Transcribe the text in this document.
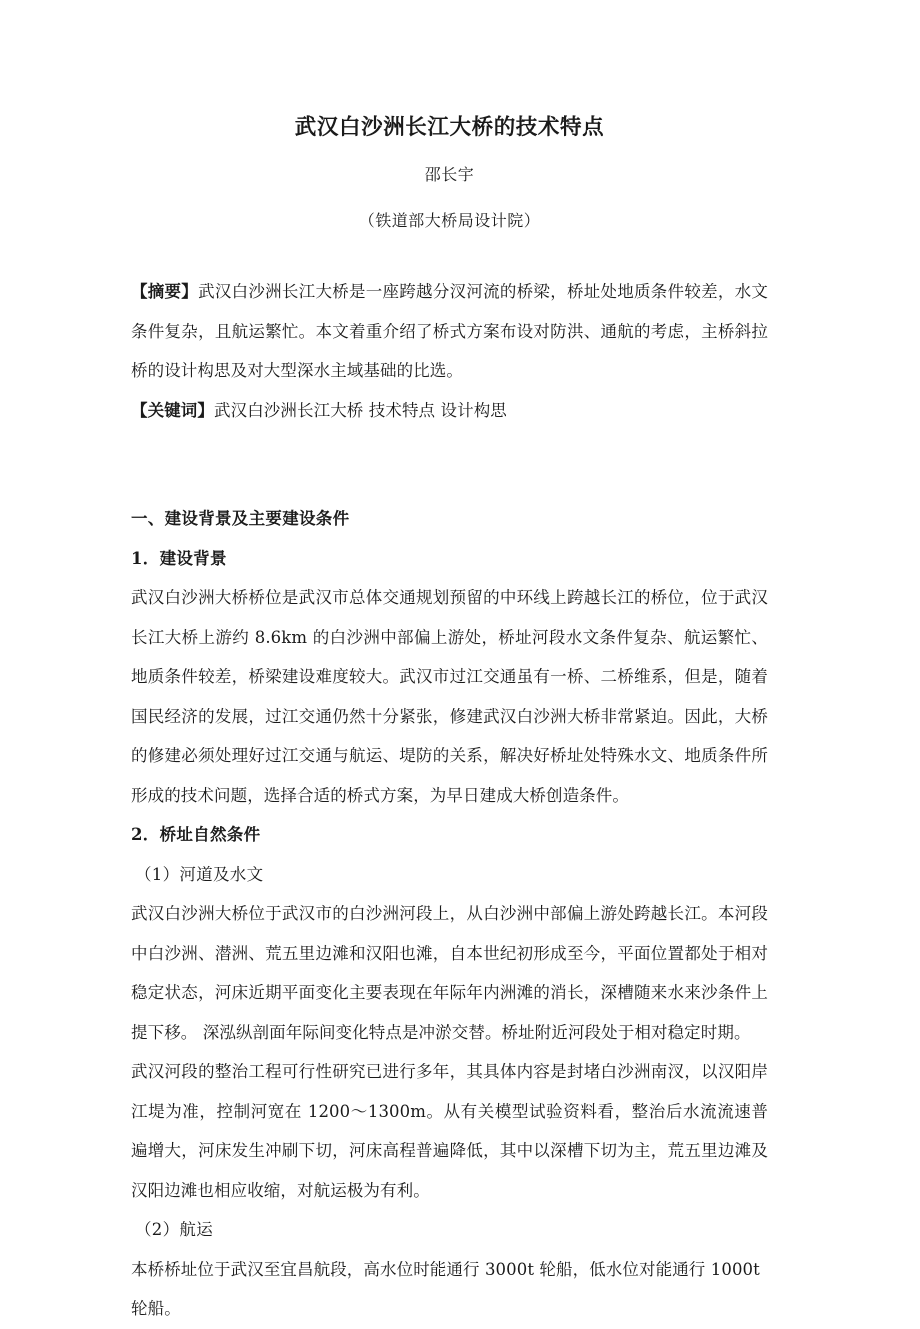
武汉白沙洲长江大桥的技术特点
邵长宇
（铁道部大桥局设计院）

【摘要】武汉白沙洲长江大桥是一座跨越分汊河流的桥梁，桥址处地质条件较差，水文条件复杂，且航运繁忙。本文着重介绍了桥式方案布设对防洪、通航的考虑，主桥斜拉桥的设计构思及对大型深水主域基础的比选。

【关键词】武汉白沙洲长江大桥 技术特点 设计构思

一、建设背景及主要建设条件
1．建设背景

武汉白沙洲大桥桥位是武汉市总体交通规划预留的中环线上跨越长江的桥位，位于武汉长江大桥上游约 8.6km 的白沙洲中部偏上游处，桥址河段水文条件复杂、航运繁忙、地质条件较差，桥梁建设难度较大。武汉市过江交通虽有一桥、二桥维系，但是，随着国民经济的发展，过江交通仍然十分紧张，修建武汉白沙洲大桥非常紧迫。因此，大桥的修建必须处理好过江交通与航运、堤防的关系，解决好桥址处特殊水文、地质条件所形成的技术问题，选择合适的桥式方案，为早日建成大桥创造条件。

2．桥址自然条件
（1）河道及水文

武汉白沙洲大桥位于武汉市的白沙洲河段上，从白沙洲中部偏上游处跨越长江。本河段中白沙洲、潜洲、荒五里边滩和汉阳也滩，自本世纪初形成至今，平面位置都处于相对稳定状态，河床近期平面变化主要表现在年际年内洲滩的消长，深槽随来水来沙条件上提下移。 深泓纵剖面年际间变化特点是冲淤交替。桥址附近河段处于相对稳定时期。

武汉河段的整治工程可行性研究已进行多年，其具体内容是封堵白沙洲南汊，以汉阳岸江堤为准，控制河宽在 1200～1300m。从有关模型试验资料看，整治后水流流速普遍增大，河床发生冲刷下切，河床高程普遍降低，其中以深槽下切为主，荒五里边滩及汉阳边滩也相应收缩，对航运极为有利。

（2）航运

本桥桥址位于武汉至宜昌航段，高水位时能通行 3000t 轮船，低水位对能通行 1000t 轮船。
